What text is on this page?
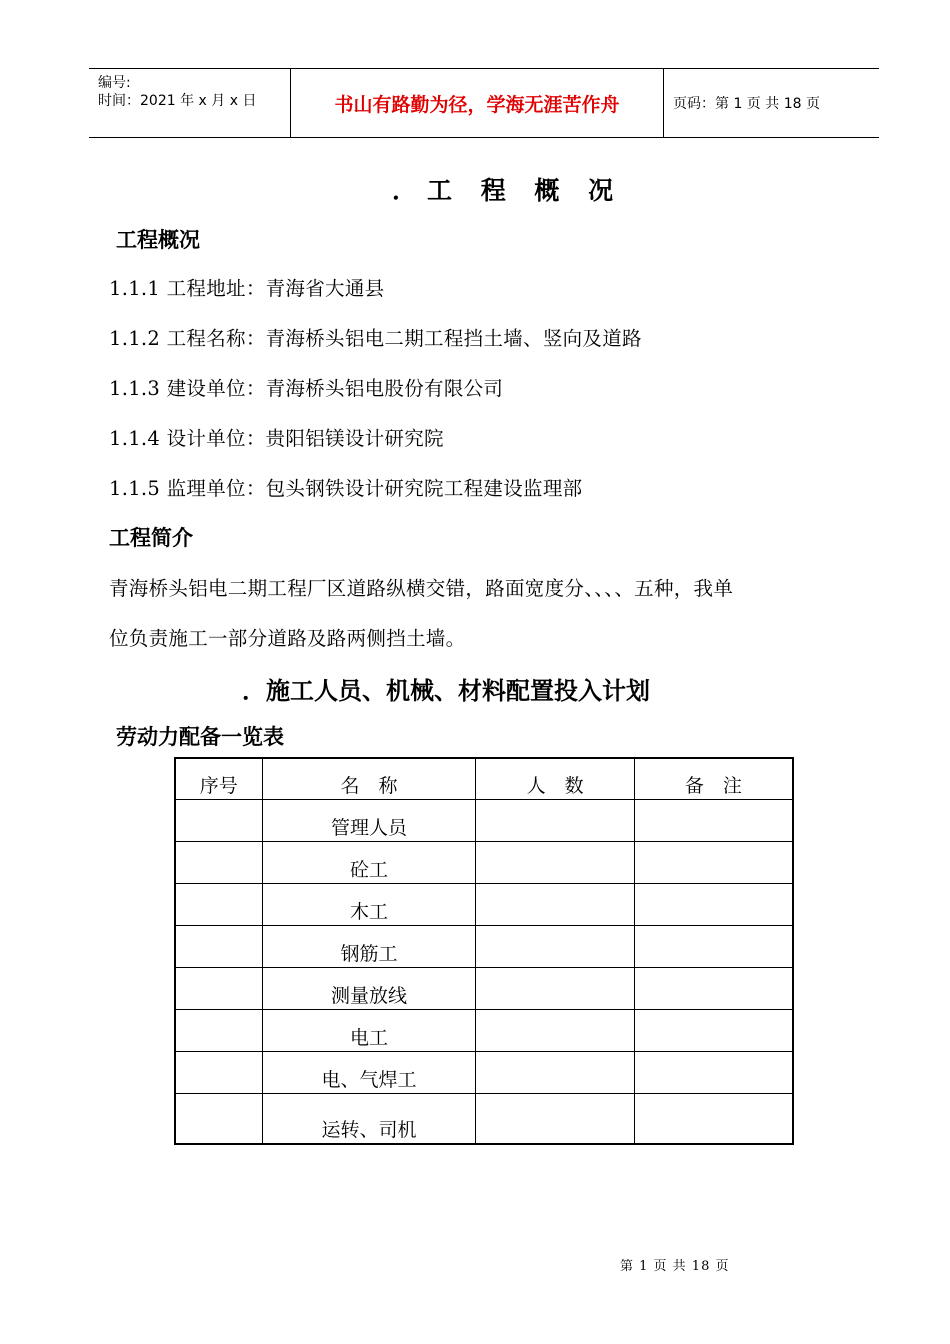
编号:
时间：2021 年 x 月 x 日	书山有路勤为径，学海无涯苦作舟	页码：第 1 页 共 18 页
．工 程 概 况
工程概况
1.1.1 工程地址：青海省大通县
1.1.2 工程名称：青海桥头铝电二期工程挡土墙、竖向及道路
1.1.3 建设单位：青海桥头铝电股份有限公司
1.1.4 设计单位：贵阳铝镁设计研究院
1.1.5 监理单位：包头钢铁设计研究院工程建设监理部
工程简介
青海桥头铝电二期工程厂区道路纵横交错，路面宽度分、、、、五种，我单
位负责施工一部分道路及路两侧挡土墙。
．施工人员、机械、材料配置投入计划
劳动力配备一览表
序号	名　称	人　数	备　注
	管理人员		
	砼工		
	木工		
	钢筋工		
	测量放线		
	电工		
	电、气焊工		
	运转、司机		
第 1 页 共 18 页
